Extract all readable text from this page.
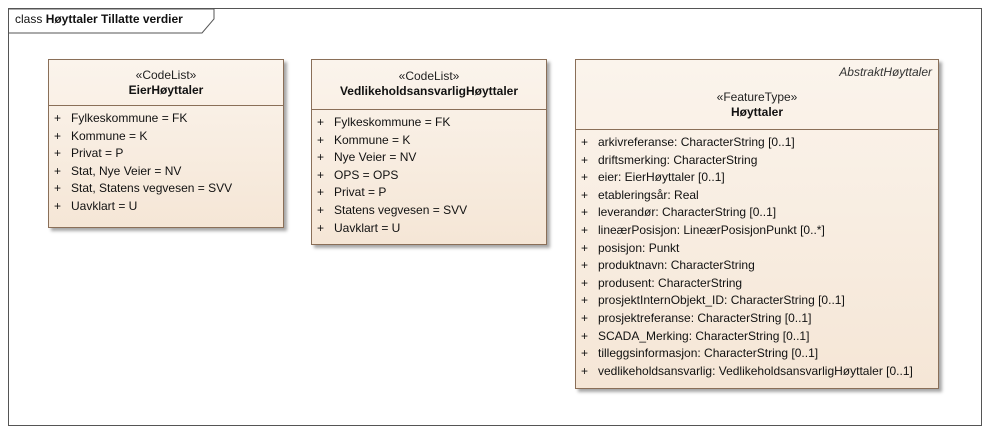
class Høyttaler Tillatte verdier
«CodeList»
EierHøyttaler
+ Fylkeskommune = FK
+ Kommune = K
+ Privat = P
+ Stat, Nye Veier = NV
+ Stat, Statens vegvesen = SVV
+ Uavklart = U
«CodeList»
VedlikeholdsansvarligHøyttaler
+ Fylkeskommune = FK
+ Kommune = K
+ Nye Veier = NV
+ OPS = OPS
+ Privat = P
+ Statens vegvesen = SVV
+ Uavklart = U
AbstraktHøyttaler
«FeatureType»
Høyttaler
+ arkivreferanse: CharacterString [0..1]
+ driftsmerking: CharacterString
+ eier: EierHøyttaler [0..1]
+ etableringsår: Real
+ leverandør: CharacterString [0..1]
+ lineærPosisjon: LineærPosisjonPunkt [0..*]
+ posisjon: Punkt
+ produktnavn: CharacterString
+ produsent: CharacterString
+ prosjektInternObjekt_ID: CharacterString [0..1]
+ prosjektreferanse: CharacterString [0..1]
+ SCADA_Merking: CharacterString [0..1]
+ tilleggsinformasjon: CharacterString [0..1]
+ vedlikeholdsansvarlig: VedlikeholdsansvarligHøyttaler [0..1]
